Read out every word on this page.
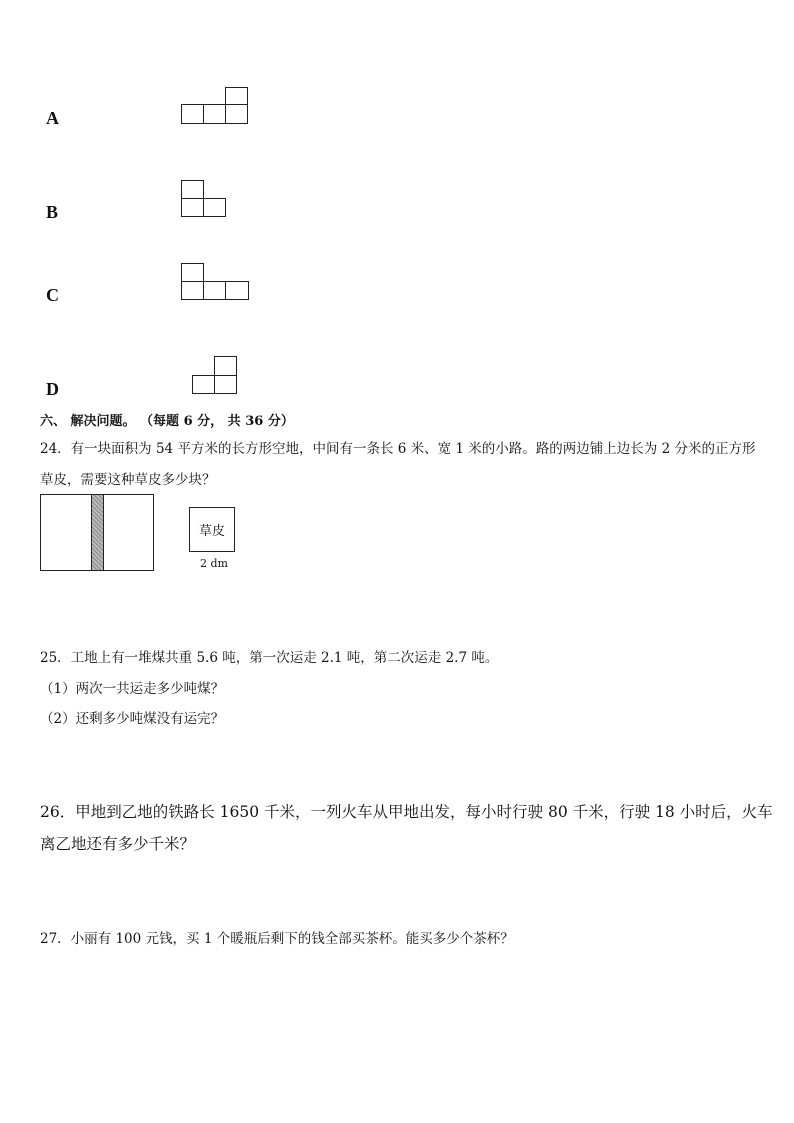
A
B
C
D
六、 解决问题。 （每题 6 分， 共 36 分）
24．有一块面积为 54 平方米的长方形空地，中间有一条长 6 米、宽 1 米的小路。路的两边铺上边长为 2 分米的正方形
草皮，需要这种草皮多少块？
草皮
2 dm
25．工地上有一堆煤共重 5.6 吨，第一次运走 2.1 吨，第二次运走 2.7 吨。
（1）两次一共运走多少吨煤？
（2）还剩多少吨煤没有运完？
26．甲地到乙地的铁路长 1650 千米，一列火车从甲地出发，每小时行驶 80 千米，行驶 18 小时后，火车
离乙地还有多少千米？
27．小丽有 100 元钱，买 1 个暖瓶后剩下的钱全部买茶杯。能买多少个茶杯？
